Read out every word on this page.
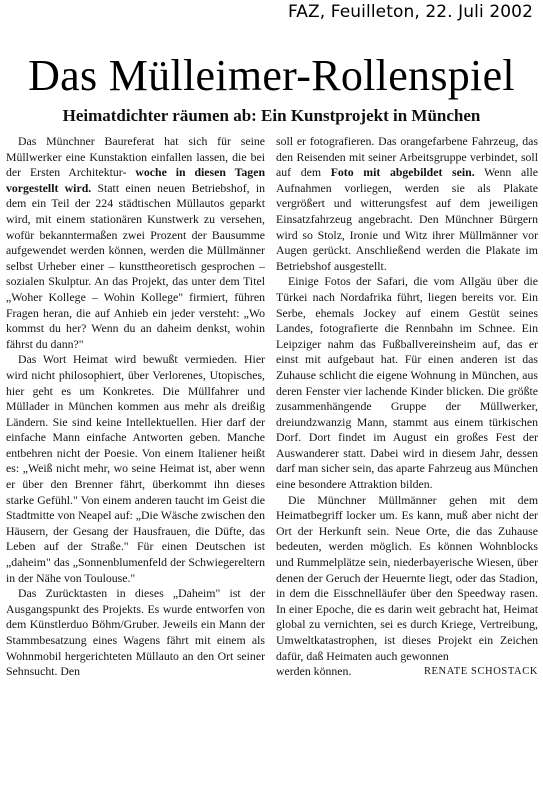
FAZ, Feuilleton, 22. Juli 2002
Das Mülleimer-Rollenspiel
Heimatdichter räumen ab: Ein Kunstprojekt in München

Das Münchner Baureferat hat sich für seine Müllwerker eine Kunstaktion einfallen lassen, die bei der Ersten Architektur- woche in diesen Tagen vorgestellt wird. Statt einen neuen Betriebshof, in dem ein Teil der 224 städtischen Müllautos geparkt wird, mit einem stationären Kunstwerk zu versehen, wofür bekanntermaßen zwei Prozent der Bausumme aufgewendet werden können, werden die Müllmänner selbst Urheber einer – kunsttheoretisch gesprochen – sozialen Skulptur. An das Projekt, das unter dem Titel „Woher Kollege – Wohin Kollege" firmiert, führen Fragen heran, die auf Anhieb ein jeder versteht: „Wo kommst du her? Wenn du an daheim denkst, wohin fährst du dann?"

Das Wort Heimat wird bewußt vermieden. Hier wird nicht philosophiert, über Verlorenes, Utopisches, hier geht es um Konkretes. Die Müllfahrer und Müllader in München kommen aus mehr als dreißig Ländern. Sie sind keine Intellektuellen. Hier darf der einfache Mann einfache Antworten geben. Manche entbehren nicht der Poesie. Von einem Italiener heißt es: „Weiß nicht mehr, wo seine Heimat ist, aber wenn er über den Brenner fährt, überkommt ihn dieses starke Gefühl." Von einem anderen taucht im Geist die Stadtmitte von Neapel auf: „Die Wäsche zwischen den Häusern, der Gesang der Hausfrauen, die Düfte, das Leben auf der Straße." Für einen Deutschen ist „daheim" das „Sonnenblumenfeld der Schwiegereltern in der Nähe von Toulouse."

Das Zurücktasten in dieses „Daheim" ist der Ausgangspunkt des Projekts. Es wurde entworfen von dem Künstlerduo Böhm/Gruber. Jeweils ein Mann der Stammbesatzung eines Wagens fährt mit einem als Wohnmobil hergerichteten Müllauto an den Ort seiner Sehnsucht. Den

soll er fotografieren. Das orangefarbene Fahrzeug, das den Reisenden mit seiner Arbeitsgruppe verbindet, soll auf dem Foto mit abgebildet sein. Wenn alle Aufnahmen vorliegen, werden sie als Plakate vergrößert und witterungsfest auf dem jeweiligen Einsatzfahrzeug angebracht. Den Münchner Bürgern wird so Stolz, Ironie und Witz ihrer Müllmänner vor Augen gerückt. Anschließend werden die Plakate im Betriebshof ausgestellt.

Einige Fotos der Safari, die vom Allgäu über die Türkei nach Nordafrika führt, liegen bereits vor. Ein Serbe, ehemals Jockey auf einem Gestüt seines Landes, fotografierte die Rennbahn im Schnee. Ein Leipziger nahm das Fußballvereinsheim auf, das er einst mit aufgebaut hat. Für einen anderen ist das Zuhause schlicht die eigene Wohnung in München, aus deren Fenster vier lachende Kinder blicken. Die größte zusammenhängende Gruppe der Müllwerker, dreiundzwanzig Mann, stammt aus einem türkischen Dorf. Dort findet im August ein großes Fest der Auswanderer statt. Dabei wird in diesem Jahr, dessen darf man sicher sein, das aparte Fahrzeug aus München eine besondere Attraktion bilden.

Die Münchner Müllmänner gehen mit dem Heimatbegriff locker um. Es kann, muß aber nicht der Ort der Herkunft sein. Neue Orte, die das Zuhause bedeuten, werden möglich. Es können Wohnblocks und Rummelplätze sein, niederbayerische Wiesen, über denen der Geruch der Heuernte liegt, oder das Stadion, in dem die Eisschnelläufer über den Speedway rasen. In einer Epoche, die es darin weit gebracht hat, Heimat global zu vernichten, sei es durch Kriege, Vertreibung, Umweltkatastrophen, ist dieses Projekt ein Zeichen dafür, daß Heimaten auch gewonnen

werden können.	RENATE SCHOSTACK
